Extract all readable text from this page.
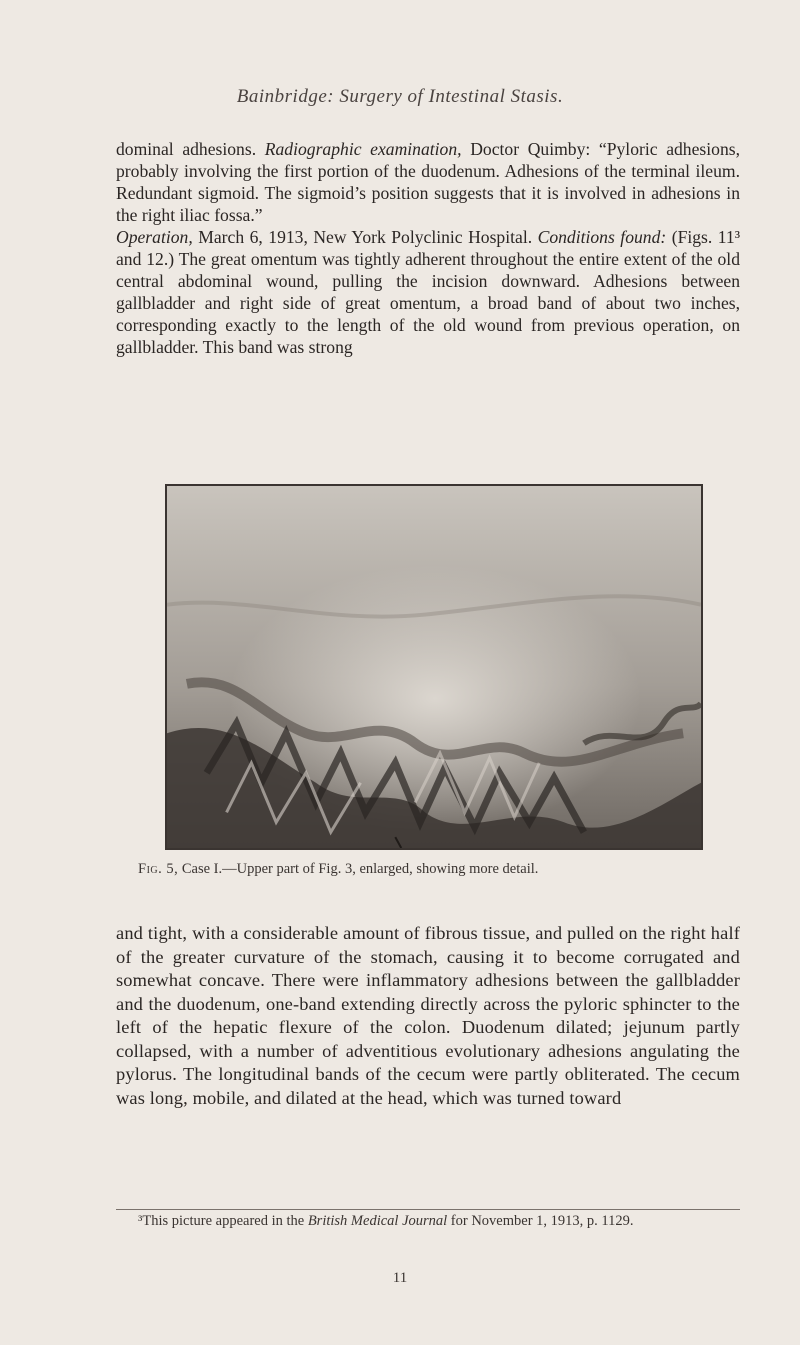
Bainbridge: Surgery of Intestinal Stasis.

dominal adhesions. Radiographic examination, Doctor Quimby: “Pyloric adhesions, probably involving the first portion of the duodenum. Adhesions of the terminal ileum. Redundant sigmoid. The sigmoid’s position suggests that it is involved in adhesions in the right iliac fossa.”

Operation, March 6, 1913, New York Polyclinic Hospital. Conditions found: (Figs. 11³ and 12.) The great omentum was tightly adherent throughout the entire extent of the old central abdominal wound, pulling the incision downward. Adhesions between gallbladder and right side of great omentum, a broad band of about two inches, corresponding exactly to the length of the old wound from previous operation, on gallbladder. This band was strong

Fig. 5, Case I.—Upper part of Fig. 3, enlarged, showing more detail.

and tight, with a considerable amount of fibrous tissue, and pulled on the right half of the greater curvature of the stomach, causing it to become corrugated and somewhat concave. There were inflammatory adhesions between the gallbladder and the duodenum, one-band extending directly across the pyloric sphincter to the left of the hepatic flexure of the colon. Duodenum dilated; jejunum partly collapsed, with a number of adventitious evolutionary adhesions angulating the pylorus. The longitudinal bands of the cecum were partly obliterated. The cecum was long, mobile, and dilated at the head, which was turned toward

³This picture appeared in the British Medical Journal for November 1, 1913, p. 1129.
11
